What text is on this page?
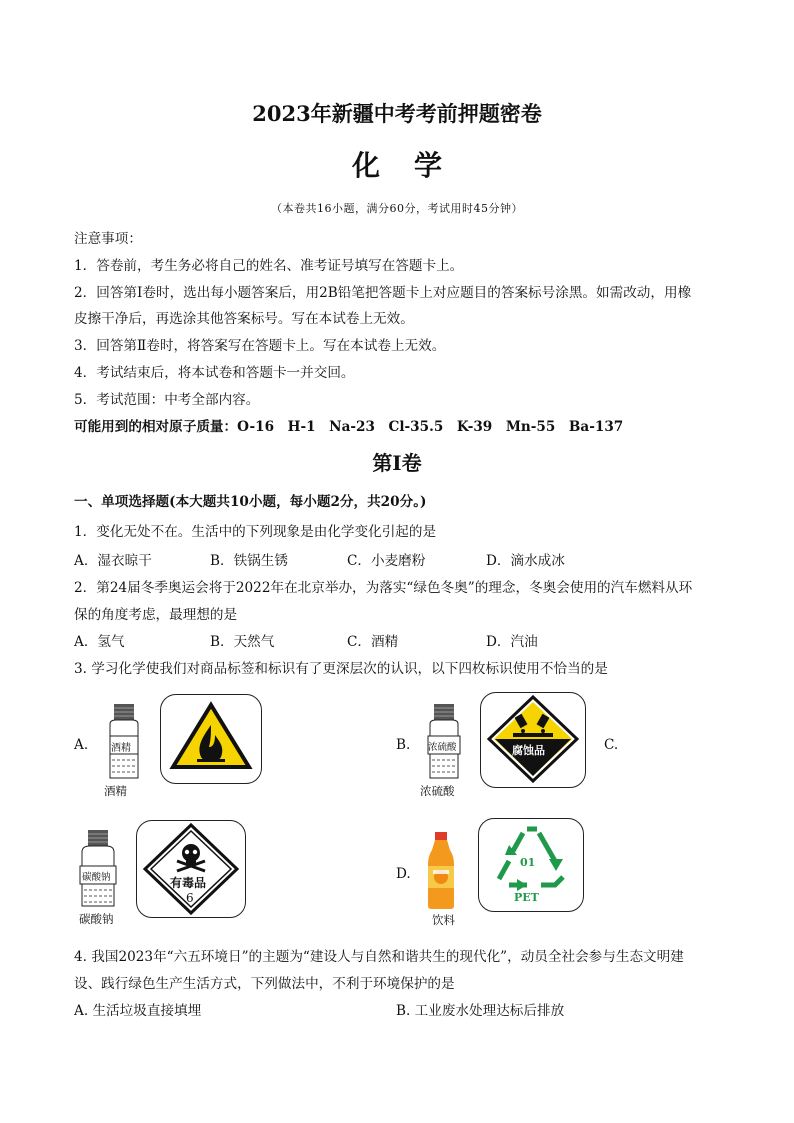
2023年新疆中考考前押题密卷
化学
（本卷共16小题，满分60分，考试用时45分钟）
注意事项：
1．答卷前，考生务必将自己的姓名、准考证号填写在答题卡上。
2．回答第Ⅰ卷时，选出每小题答案后，用2B铅笔把答题卡上对应题目的答案标号涂黑。如需改动，用橡
皮擦干净后，再选涂其他答案标号。写在本试卷上无效。
3．回答第Ⅱ卷时，将答案写在答题卡上。写在本试卷上无效。
4．考试结束后，将本试卷和答题卡一并交回。
5．考试范围：中考全部内容。
可能用到的相对原子质量：O-16　H-1　Na-23　Cl-35.5　K-39　Mn-55　Ba-137
第Ⅰ卷
一、单项选择题(本大题共10小题，每小题2分，共20分。)
1．变化无处不在。生活中的下列现象是由化学变化引起的是
A．湿衣晾干	B．铁锅生锈	C．小麦磨粉	D．滴水成冰
2．第24届冬季奥运会将于2022年在北京举办，为落实“绿色冬奥”的理念，冬奥会使用的汽车燃料从环
保的角度考虑，最理想的是
A．氢气	B．天然气	C．酒精	D．汽油
3. 学习化学使我们对商品标签和标识有了更深层次的认识，以下四枚标识使用不恰当的是
A. 酒精
酒精
B. 浓硫酸
浓硫酸
腐蚀品	C.
碳酸钠
碳酸钠
有毒品
6
D.
饮料
01
PET
4. 我国2023年“六五环境日”的主题为“建设人与自然和谐共生的现代化”，动员全社会参与生态文明建
设、践行绿色生产生活方式，下列做法中，不利于环境保护的是
A. 生活垃圾直接填埋	B. 工业废水处理达标后排放
